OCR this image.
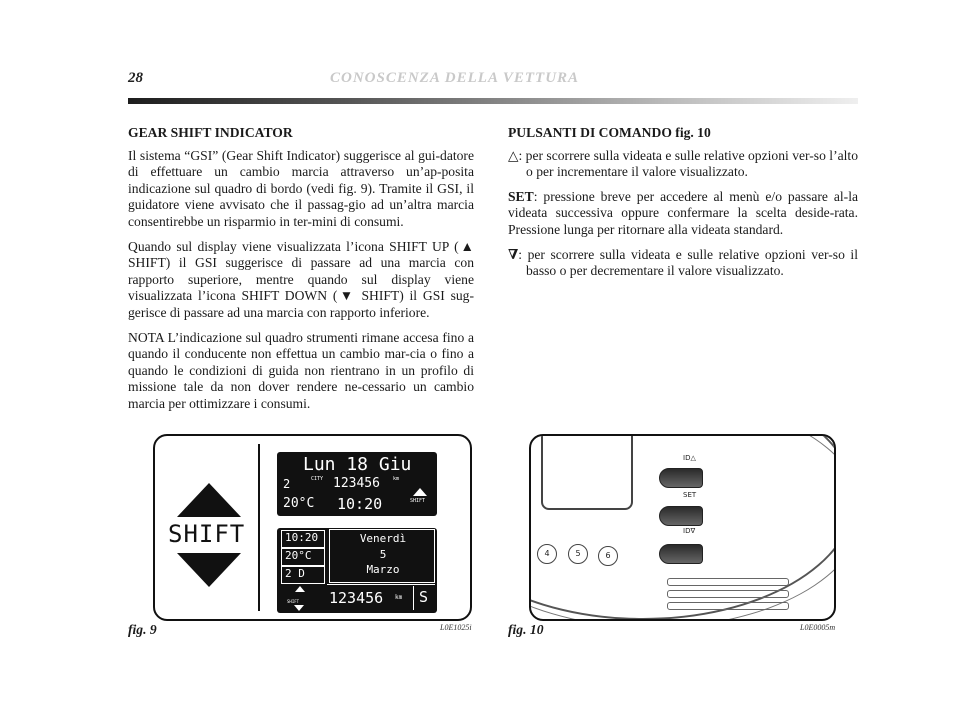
28	CONOSCENZA DELLA VETTURA
GEAR SHIFT INDICATOR

Il sistema “GSI” (Gear Shift Indicator) suggerisce al gui-datore di effettuare un cambio marcia attraverso un’ap-posita indicazione sul quadro di bordo (vedi fig. 9). Tramite il GSI, il guidatore viene avvisato che il passag-gio ad un’altra marcia consentirebbe un risparmio in ter-mini di consumi.

Quando sul display viene visualizzata l’icona SHIFT UP (▲ SHIFT) il GSI suggerisce di passare ad una marcia con rapporto superiore, mentre quando sul display viene visualizzata l’icona SHIFT DOWN (▼ SHIFT) il GSI sug-gerisce di passare ad una marcia con rapporto inferiore.

NOTA L’indicazione sul quadro strumenti rimane accesa fino a quando il conducente non effettua un cambio mar-cia o fino a quando le condizioni di guida non rientrano in un profilo di missione tale da non dover rendere ne-cessario un cambio marcia per ottimizzare i consumi.

PULSANTI DI COMANDO fig. 10

△: per scorrere sulla videata e sulle relative opzioni ver-so l’alto o per incrementare il valore visualizzato.

SET: pressione breve per accedere al menù e/o passare al-la videata successiva oppure confermare la scelta deside-rata. Pressione lunga per ritornare alla videata standard.

∇: per scorrere sulla videata e sulle relative opzioni ver-so il basso o per decrementare il valore visualizzato.

SHIFT
Lun 18 Giu
2	CITY 123456	km
20°C 10:20	SHIFT
10:20
20°C
2 D
SHIFT
Venerdì
5
Marzo
123456 km S
fig. 9	L0E1025i
4	5	6
ID△
SET
ID∇
fig. 10	L0E0005m
